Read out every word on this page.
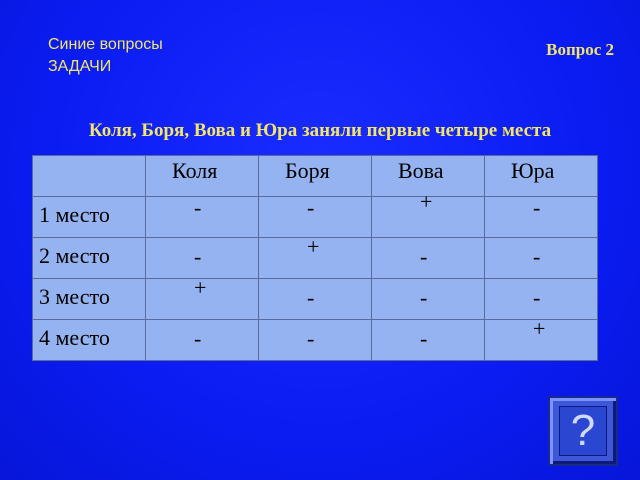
Синие вопросы
ЗАДАЧИ
Вопрос 2
Коля, Боря, Вова и Юра заняли первые четыре места

	Коля	Боря	Вова	Юра

1 место	-	-	+	-

2 место	-	+	-	-

3 место	+	-	-	-

4 место	-	-	-	+
?
